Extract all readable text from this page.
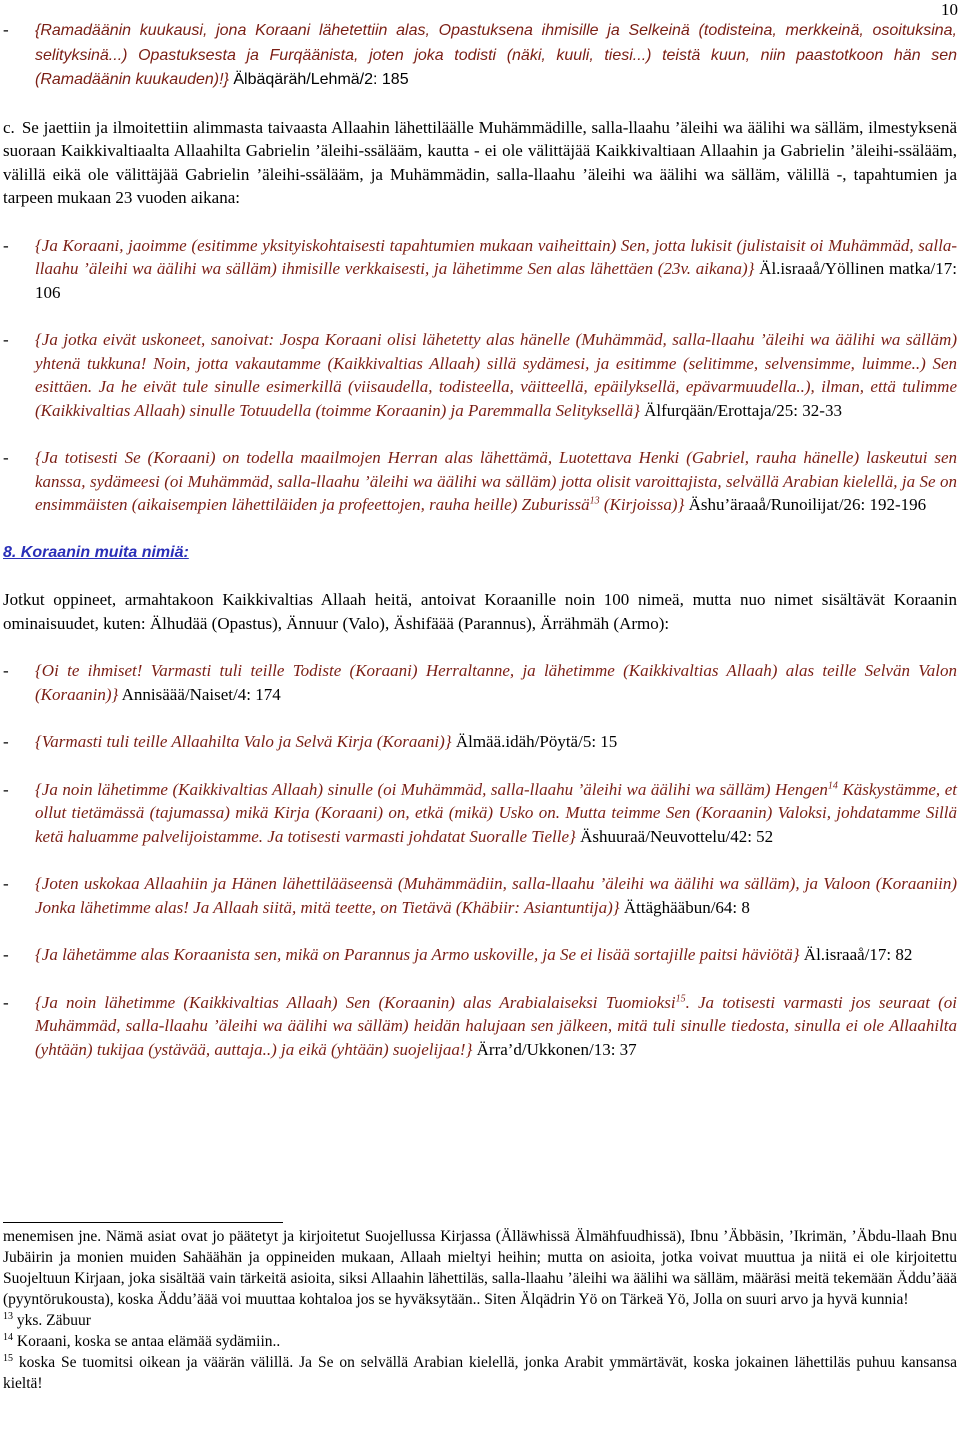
10
- {Ramadäänin kuukausi, jona Koraani lähetettiin alas, Opastuksena ihmisille ja Selkeinä (todisteina, merkkeinä, osoituksina, selityksinä...) Opastuksesta ja Furqäänista, joten joka todisti (näki, kuuli, tiesi...) teistä kuun, niin paastotkoon hän sen (Ramadäänin kuukauden)!} Älbäqäräh/Lehmä/2: 185
c. Se jaettiin ja ilmoitettiin alimmasta taivaasta Allaahin lähettiläälle Muhämmädille, salla-llaahu ’äleihi wa äälihi wa sälläm, ilmestyksenä suoraan Kaikkivaltiaalta Allaahilta Gabrielin ’äleihi-ssälääm, kautta - ei ole välittäjää Kaikkivaltiaan Allaahin ja Gabrielin ’äleihi-ssälääm, välillä eikä ole välittäjää Gabrielin ’äleihi-ssälääm, ja Muhämmädin, salla-llaahu ’äleihi wa äälihi wa sälläm, välillä -, tapahtumien ja tarpeen mukaan 23 vuoden aikana:
- {Ja Koraani, jaoimme (esitimme yksityiskohtaisesti tapahtumien mukaan vaiheittain) Sen, jotta lukisit (julistaisit oi Muhämmäd, salla-llaahu ’äleihi wa äälihi wa sälläm) ihmisille verkkaisesti, ja lähetimme Sen alas lähettäen (23v. aikana)} Äl.israaå/Yöllinen matka/17: 106
- {Ja jotka eivät uskoneet, sanoivat: Jospa Koraani olisi lähetetty alas hänelle (Muhämmäd, salla-llaahu ’äleihi wa äälihi wa sälläm) yhtenä tukkuna! Noin, jotta vakautamme (Kaikkivaltias Allaah) sillä sydämesi, ja esitimme (selitimme, selvensimme, luimme..) Sen esittäen. Ja he eivät tule sinulle esimerkillä (viisaudella, todisteella, väitteellä, epäilyksellä, epävarmuudella..), ilman, että tulimme (Kaikkivaltias Allaah) sinulle Totuudella (toimme Koraanin) ja Paremmalla Selityksellä} Älfurqään/Erottaja/25: 32-33
- {Ja totisesti Se (Koraani) on todella maailmojen Herran alas lähettämä, Luotettava Henki (Gabriel, rauha hänelle) laskeutui sen kanssa, sydämeesi (oi Muhämmäd, salla-llaahu ’äleihi wa äälihi wa sälläm) jotta olisit varoittajista, selvällä Arabian kielellä, ja Se on ensimmäisten (aikaisempien lähettiläiden ja profeettojen, rauha heille) Zuburissä$^{13}$ (Kirjoissa)} Äshu’äraaå/Runoilijat/26: 192-196
8. Koraanin muita nimiä:
Jotkut oppineet, armahtakoon Kaikkivaltias Allaah heitä, antoivat Koraanille noin 100 nimeä, mutta nuo nimet sisältävät Koraanin ominaisuudet, kuten: Älhudää (Opastus), Ännuur (Valo), Äshifäää (Parannus), Ärrähmäh (Armo):
- {Oi te ihmiset! Varmasti tuli teille Todiste (Koraani) Herraltanne, ja lähetimme (Kaikkivaltias Allaah) alas teille Selvän Valon (Koraanin)} Annisäää/Naiset/4: 174
- {Varmasti tuli teille Allaahilta Valo ja Selvä Kirja (Koraani)} Älmää.idäh/Pöytä/5: 15
- {Ja noin lähetimme (Kaikkivaltias Allaah) sinulle (oi Muhämmäd, salla-llaahu ’äleihi wa äälihi wa sälläm) Hengen$^{14}$ Käskystämme, et ollut tietämässä (tajumassa) mikä Kirja (Koraani) on, etkä (mikä) Usko on. Mutta teimme Sen (Koraanin) Valoksi, johdatamme Sillä ketä haluamme palvelijoistamme. Ja totisesti varmasti johdatat Suoralle Tielle} Äshuuraä/Neuvottelu/42: 52
- {Joten uskokaa Allaahiin ja Hänen lähettilääseensä (Muhämmädiin, salla-llaahu ’äleihi wa äälihi wa sälläm), ja Valoon (Koraaniin) Jonka lähetimme alas! Ja Allaah siitä, mitä teette, on Tietävä (Khäbiir: Asiantuntija)} Ättäghääbun/64: 8
- {Ja lähetämme alas Koraanista sen, mikä on Parannus ja Armo uskoville, ja Se ei lisää sortajille paitsi häviötä} Äl.israaå/17: 82
- {Ja noin lähetimme (Kaikkivaltias Allaah) Sen (Koraanin) alas Arabialaiseksi Tuomioksi$^{15}$. Ja totisesti varmasti jos seuraat (oi Muhämmäd, salla-llaahu ’äleihi wa äälihi wa sälläm) heidän halujaan sen jälkeen, mitä tuli sinulle tiedosta, sinulla ei ole Allaahilta (yhtään) tukijaa (ystävää, auttaja..) ja eikä (yhtään) suojelijaa!} Ärra’d/Ukkonen/13: 37
menemisen jne. Nämä asiat ovat jo päätetyt ja kirjoitetut Suojellussa Kirjassa (Älläwhissä Älmähfuudhissä), Ibnu ’Äbbäsin, ’Ikrimän, ’Äbdu-llaah Bnu Jubäirin ja monien muiden Sahäähän ja oppineiden mukaan, Allaah mieltyi heihin; mutta on asioita, jotka voivat muuttua ja niitä ei ole kirjoitettu Suojeltuun Kirjaan, joka sisältää vain tärkeitä asioita, siksi Allaahin lähettiläs, salla-llaahu ’äleihi wa äälihi wa sälläm, määräsi meitä tekemään Äddu’äää (pyyntörukousta), koska Äddu’äää voi muuttaa kohtaloa jos se hyväksytään.. Siten Älqädrin Yö on Tärkeä Yö, Jolla on suuri arvo ja hyvä kunnia!
$^{13}$ yks. Zäbuur
$^{14}$ Koraani, koska se antaa elämää sydämiin..
$^{15}$ koska Se tuomitsi oikean ja väärän välillä. Ja Se on selvällä Arabian kielellä, jonka Arabit ymmärtävät, koska jokainen lähettiläs puhuu kansansa kieltä!
